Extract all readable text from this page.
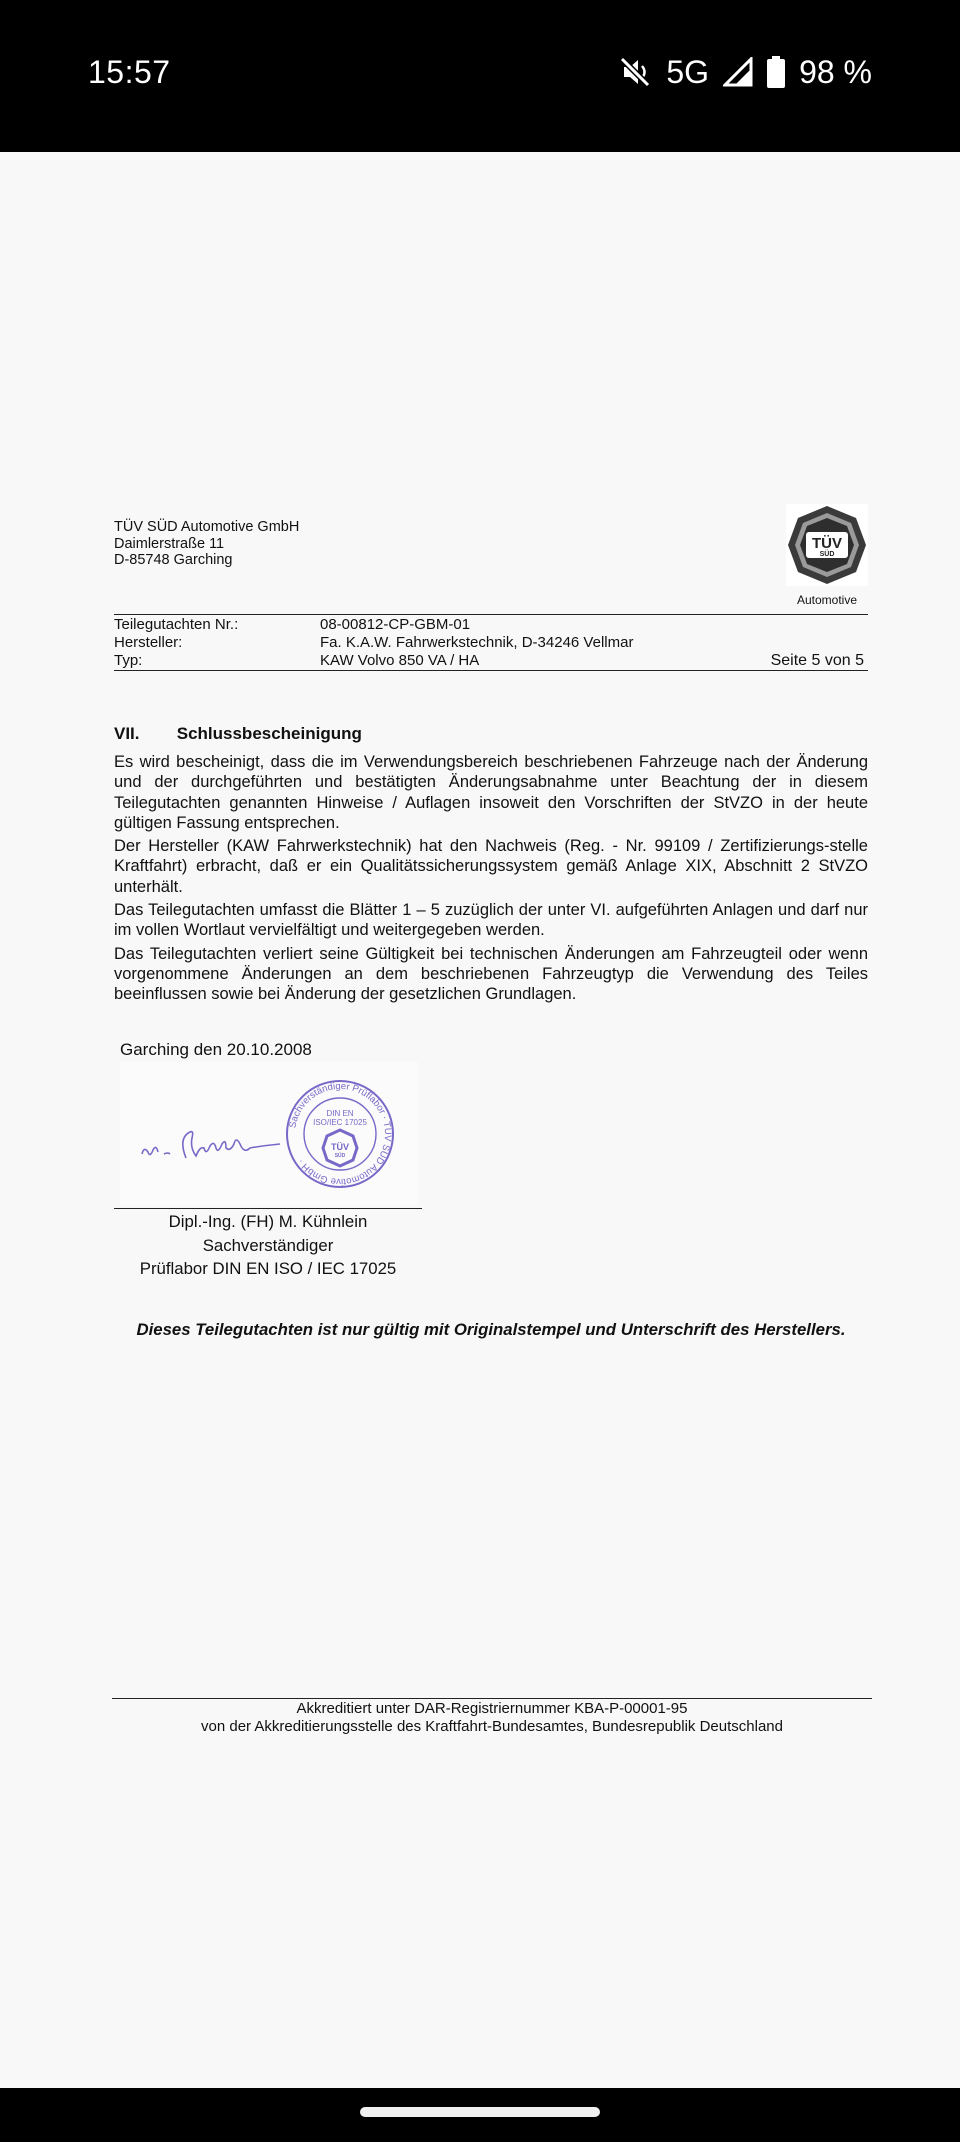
15:57	5G	98 %
TÜV SÜD Automotive GmbH
Daimlerstraße 11
D-85748 Garching
TÜV
SÜD
Automotive
Teilegutachten Nr.:	08-00812-CP-GBM-01
Hersteller:	Fa. K.A.W. Fahrwerkstechnik, D-34246 Vellmar
Typ:	KAW Volvo 850 VA / HA	Seite 5 von 5
VII. Schlussbescheinigung

Es wird bescheinigt, dass die im Verwendungsbereich beschriebenen Fahrzeuge nach der Änderung und der durchgeführten und bestätigten Änderungsabnahme unter Beachtung der in diesem Teilegutachten genannten Hinweise / Auflagen insoweit den Vorschriften der StVZO in der heute gültigen Fassung entsprechen.

Der Hersteller (KAW Fahrwerkstechnik) hat den Nachweis (Reg. - Nr. 99109 / Zertifizierungs-stelle Kraftfahrt) erbracht, daß er ein Qualitätssicherungssystem gemäß Anlage XIX, Abschnitt 2 StVZO unterhält.

Das Teilegutachten umfasst die Blätter 1 – 5 zuzüglich der unter VI. aufgeführten Anlagen und darf nur im vollen Wortlaut vervielfältigt und weitergegeben werden.

Das Teilegutachten verliert seine Gültigkeit bei technischen Änderungen am Fahrzeugteil oder wenn vorgenommene Änderungen an dem beschriebenen Fahrzeugtyp die Verwendung des Teiles beeinflussen sowie bei Änderung der gesetzlichen Grundlagen.

Garching den 20.10.2008
Sachverständiger Prüflabor · TÜV SÜD Automotive GmbH ·
DIN EN
ISO/IEC 17025
TÜV
SÜD
Dipl.-Ing. (FH) M. Kühnlein
Sachverständiger
Prüflabor DIN EN ISO / IEC 17025
Dieses Teilegutachten ist nur gültig mit Originalstempel und Unterschrift des Herstellers.
Akkreditiert unter DAR-Registriernummer KBA-P-00001-95
von der Akkreditierungsstelle des Kraftfahrt-Bundesamtes, Bundesrepublik Deutschland
